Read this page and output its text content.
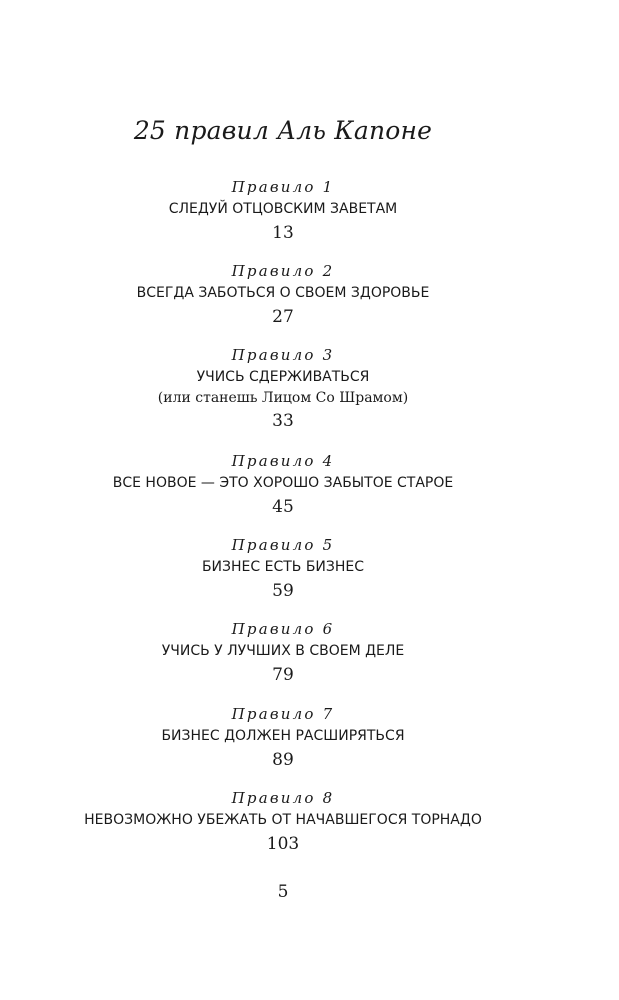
25 правил Аль Капоне
Правило 1
СЛЕДУЙ ОТЦОВСКИМ ЗАВЕТАМ
13
Правило 2
ВСЕГДА ЗАБОТЬСЯ О СВОЕМ ЗДОРОВЬЕ
27
Правило 3
УЧИСЬ СДЕРЖИВАТЬСЯ
(или станешь Лицом Со Шрамом)
33
Правило 4
ВСЕ НОВОЕ — ЭТО ХОРОШО ЗАБЫТОЕ СТАРОЕ
45
Правило 5
БИЗНЕС ЕСТЬ БИЗНЕС
59
Правило 6
УЧИСЬ У ЛУЧШИХ В СВОЕМ ДЕЛЕ
79
Правило 7
БИЗНЕС ДОЛЖЕН РАСШИРЯТЬСЯ
89
Правило 8
НЕВОЗМОЖНО УБЕЖАТЬ ОТ НАЧАВШЕГОСЯ ТОРНАДО
103
5
